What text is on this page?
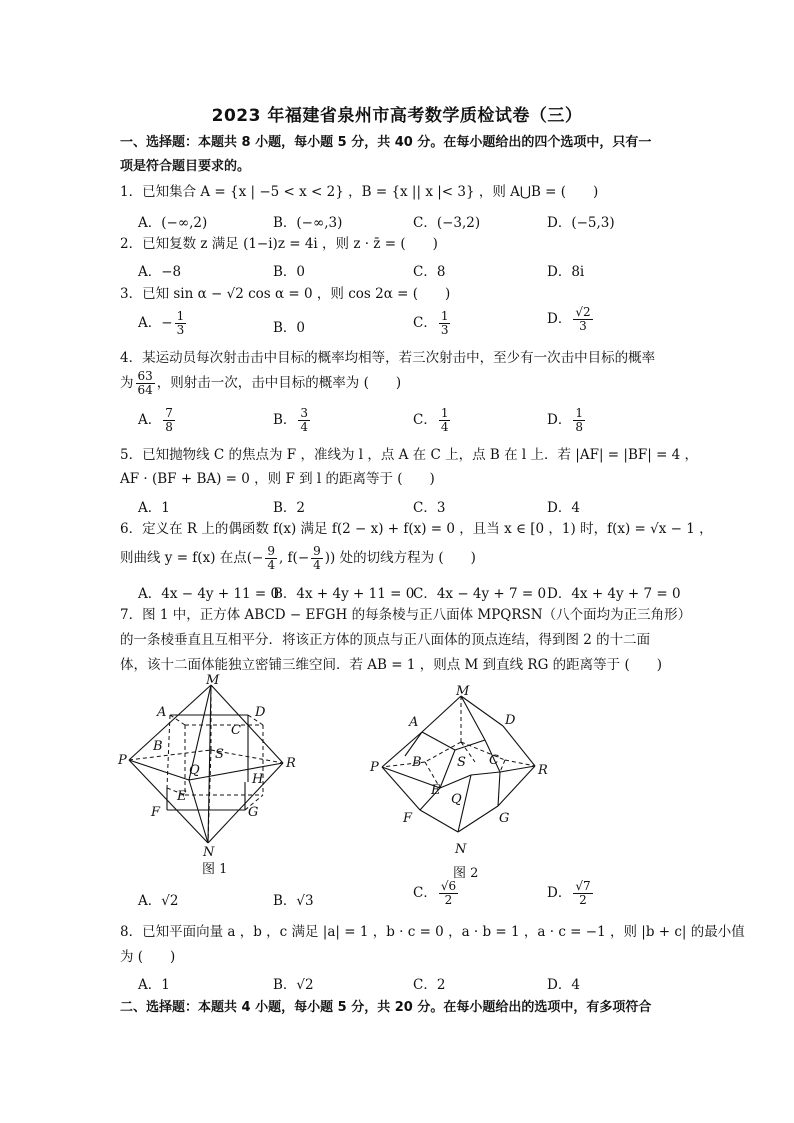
2023 年福建省泉州市高考数学质检试卷（三）
一、选择题：本题共 8 小题，每小题 5 分，共 40 分。在每小题给出的四个选项中，只有一
项是符合题目要求的。
1．已知集合 A = {x | −5 < x < 2} ，B = {x || x |< 3} ，则 A⋃B = (　　)
A．(−∞,2)	B．(−∞,3)	C．(−3,2)	D．(−5,3)
2．已知复数 z 满足 (1−i)z = 4i ，则 z · z̄ = (　　)
A．−8	B．0	C．8	D．8i
3．已知 sin α − √2 cos α = 0 ，则 cos 2α = (　　)
A．− $\frac{1}{3}$	B．0	C． $\frac{1}{3}$	D． $\frac{√2}{3}$
4．某运动员每次射击击中目标的概率均相等，若三次射击中，至少有一次击中目标的概率
为 $\frac{63}{64}$ ，则射击一次，击中目标的概率为 (　　)
A． $\frac{7}{8}$	B． $\frac{3}{4}$	C． $\frac{1}{4}$	D． $\frac{1}{8}$
5．已知抛物线 C 的焦点为 F ，准线为 l ，点 A 在 C 上，点 B 在 l 上．若 |AF| = |BF| = 4 ，
AF · (BF + BA) = 0 ，则 F 到 l 的距离等于 (　　)
A．1	B．2	C．3	D．4
6．定义在 R 上的偶函数 f(x) 满足 f(2 − x) + f(x) = 0 ，且当 x ∈ [0 ，1) 时，f(x) = √x − 1 ，
则曲线 y = f(x) 在点(− $\frac{9}{4}$ , $f(- \frac{9}{4}$ )) 处的切线方程为 (　　)
A．4x − 4y + 11 = 0
B．4x + 4y + 11 = 0
C．4x − 4y + 7 = 0 D．4x + 4y + 7 = 0
7．图 1 中，正方体 ABCD − EFGH 的每条棱与正八面体 MPQRSN（八个面均为正三角形）
的一条棱垂直且互相平分．将该正方体的顶点与正八面体的顶点连结，得到图 2 的十二面
体，该十二面体能独立密铺三维空间．若 AB = 1 ，则点 M 到直线 RG 的距离等于 (　　)
M
A	D
C
B
S
P	R
Q
H
E
F	G
N
图 1
M
A	D
P	B	S C
R
E
Q
F	G
N
图 2
A．√2	B．√3	C． $\frac{√6}{2}$	D． $\frac{√7}{2}$
8．已知平面向量 a ，b ，c 满足 |a| = 1 ，b · c = 0 ，a · b = 1 ，a · c = −1 ，则 |b + c| 的最小值
为 (　　)
A．1	B．√2	C．2	D．4
二、选择题：本题共 4 小题，每小题 5 分，共 20 分。在每小题给出的选项中，有多项符合
